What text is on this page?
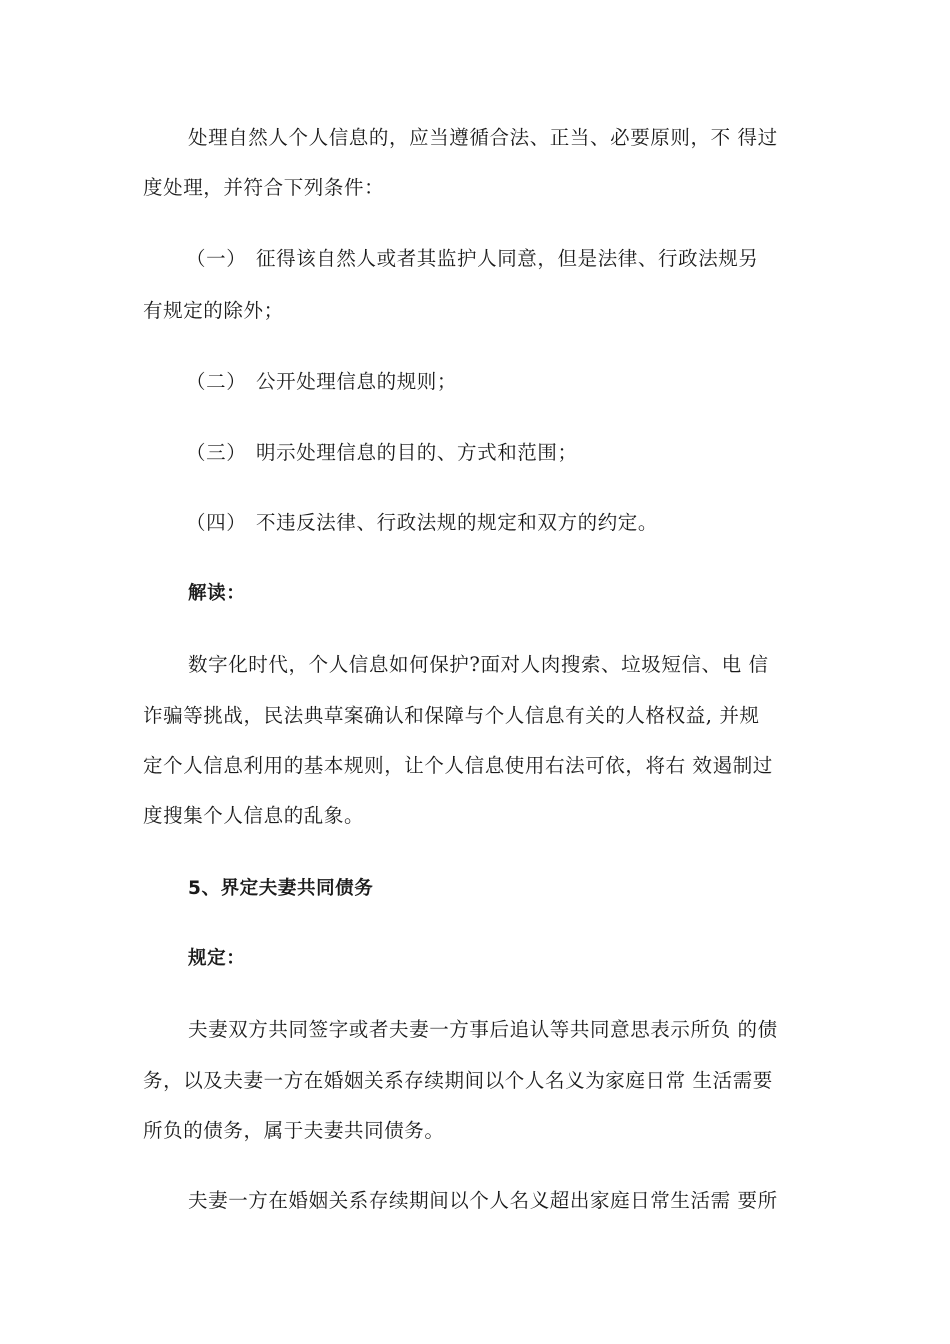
处理自然人个人信息的，应当遵循合法、正当、必要原则，不 得过
度处理，并符合下列条件：
（一） 征得该自然人或者其监护人同意，但是法律、行政法规另
有规定的除外；
（二） 公开处理信息的规则；
（三） 明示处理信息的目的、方式和范围；
（四） 不违反法律、行政法规的规定和双方的约定。
解读：
数字化时代，个人信息如何保护?面对人肉搜索、垃圾短信、电 信
诈骗等挑战，民法典草案确认和保障与个人信息有关的人格权益, 并规
定个人信息利用的基本规则，让个人信息使用右法可依，将右 效遏制过
度搜集个人信息的乱象。
5、界定夫妻共同债务
规定：
夫妻双方共同签字或者夫妻一方事后追认等共同意思表示所负 的债
务，以及夫妻一方在婚姻关系存续期间以个人名义为家庭日常 生活需要
所负的债务，属于夫妻共同债务。
夫妻一方在婚姻关系存续期间以个人名义超出家庭日常生活需 要所
